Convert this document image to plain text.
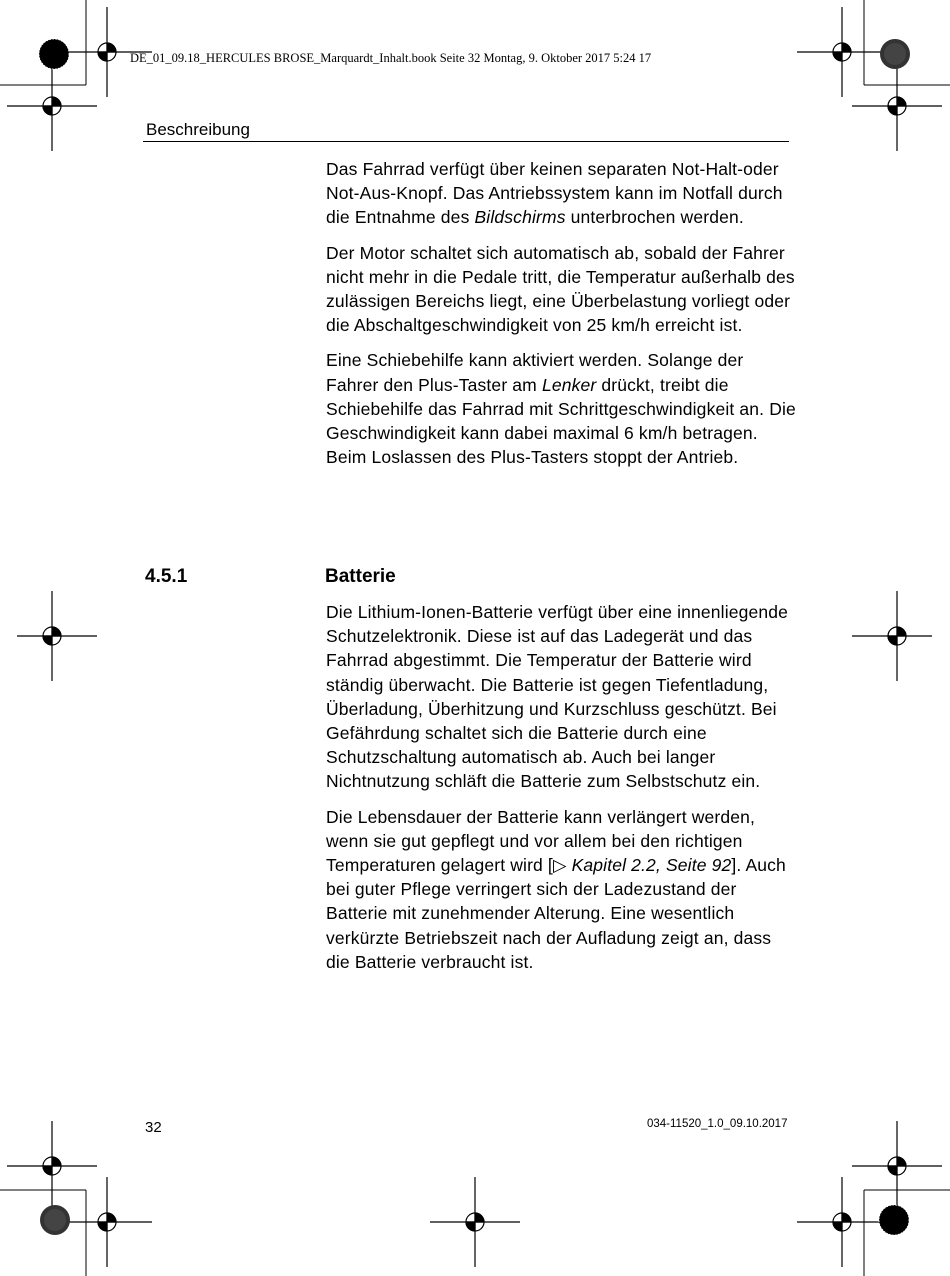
DE_01_09.18_HERCULES BROSE_Marquardt_Inhalt.book Seite 32 Montag, 9. Oktober 2017 5:24 17
Beschreibung

Das Fahrrad verfügt über keinen separaten Not-Halt-oder Not-Aus-Knopf. Das Antriebssystem kann im Notfall durch die Entnahme des Bildschirms unterbrochen werden.

Der Motor schaltet sich automatisch ab, sobald der Fahrer nicht mehr in die Pedale tritt, die Temperatur außerhalb des zulässigen Bereichs liegt, eine Überbelastung vorliegt oder die Abschaltgeschwindigkeit von 25 km/h erreicht ist.

Eine Schiebehilfe kann aktiviert werden. Solange der Fahrer den Plus-Taster am Lenker drückt, treibt die Schiebehilfe das Fahrrad mit Schrittgeschwindigkeit an. Die Geschwindigkeit kann dabei maximal 6 km/h betragen. Beim Loslassen des Plus-Tasters stoppt der Antrieb.

4.5.1	Batterie

Die Lithium-Ionen-Batterie verfügt über eine innenliegende Schutzelektronik. Diese ist auf das Ladegerät und das Fahrrad abgestimmt. Die Temperatur der Batterie wird ständig überwacht. Die Batterie ist gegen Tiefentladung, Überladung, Überhitzung und Kurzschluss geschützt. Bei Gefährdung schaltet sich die Batterie durch eine Schutzschaltung automatisch ab. Auch bei langer Nichtnutzung schläft die Batterie zum Selbstschutz ein.

Die Lebensdauer der Batterie kann verlängert werden, wenn sie gut gepflegt und vor allem bei den richtigen Temperaturen gelagert wird [▷ Kapitel 2.2, Seite 92]. Auch bei guter Pflege verringert sich der Ladezustand der Batterie mit zunehmender Alterung. Eine wesentlich verkürzte Betriebszeit nach der Aufladung zeigt an, dass die Batterie verbraucht ist.

32	034-11520_1.0_09.10.2017
